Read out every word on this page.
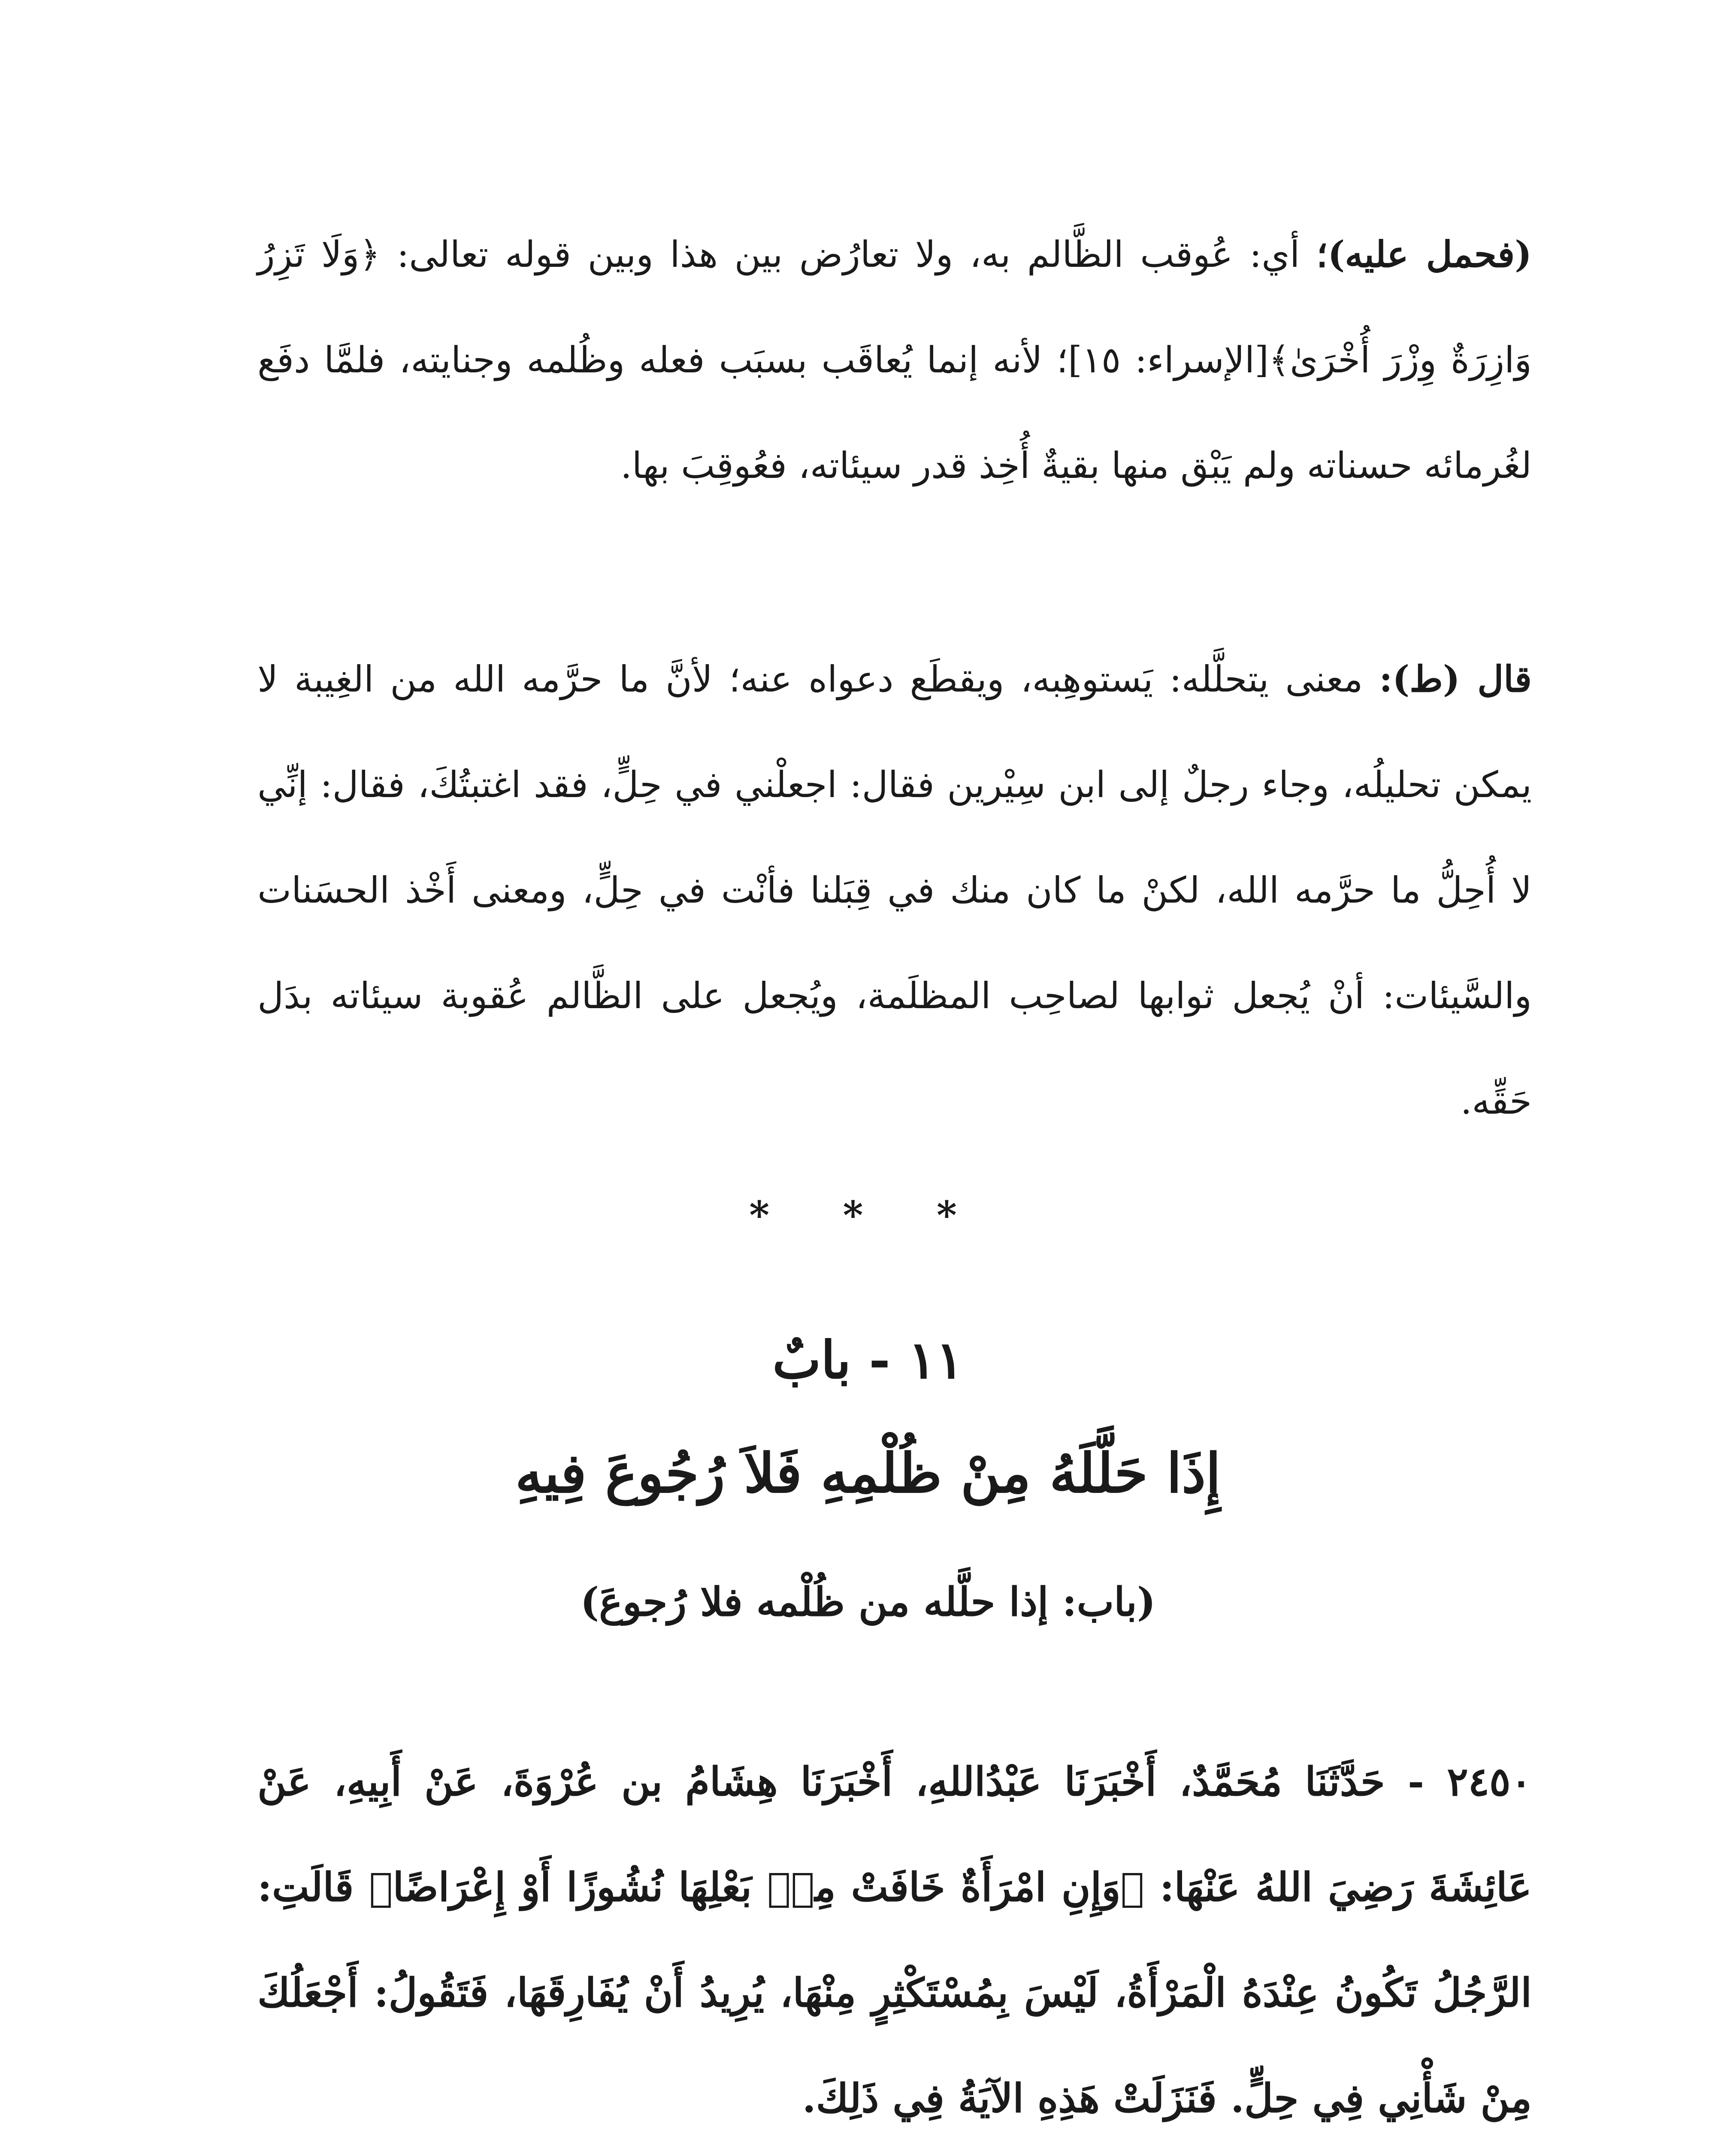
(فحمل عليه)؛ أي: عُوقب الظَّالم به، ولا تعارُض بين هذا وبين قوله تعالى: ﴿وَلَا تَزِرُ وَازِرَةٌ وِزْرَ أُخْرَىٰ﴾[الإسراء: ١٥]؛ لأنه إنما يُعاقَب بسبَب فعله وظُلمه وجنايته، فلمَّا دفَع لغُرمائه حسناته ولم يَبْق منها بقيةٌ أُخِذ قدر سيئاته، فعُوقِبَ بها.

قال (ط): معنى يتحلَّله: يَستوهِبه، ويقطَع دعواه عنه؛ لأنَّ ما حرَّمه الله من الغِيبة لا يمكن تحليلُه، وجاء رجلٌ إلى ابن سِيْرين فقال: اجعلْني في حِلٍّ، فقد اغتبتُكَ، فقال: إنِّي لا أُحِلُّ ما حرَّمه الله، لكنْ ما كان منك في قِبَلنا فأنْت في حِلٍّ، ومعنى أَخْذ الحسَنات والسَّيئات: أنْ يُجعل ثوابها لصاحِب المظلَمة، ويُجعل على الظَّالم عُقوبة سيئاته بدَل حَقِّه.

* * *
١١ - بابٌ
إِذَا حَلَّلَهُ مِنْ ظُلْمِهِ فَلاَ رُجُوعَ فِيهِ
(باب: إذا حلَّله من ظُلْمه فلا رُجوعَ)

٢٤٥٠ - حَدَّثَنَا مُحَمَّدٌ، أَخْبَرَنَا عَبْدُاللهِ، أَخْبَرَنَا هِشَامُ بن عُرْوَةَ، عَنْ أَبِيهِ، عَنْ عَائِشَةَ رَضِيَ اللهُ عَنْهَا: ﴿وَإِنِ امْرَأَةٌ خَافَتْ مِنۢ بَعْلِهَا نُشُوزًا أَوْ إِعْرَاضًا﴾ قَالَتِ: الرَّجُلُ تَكُونُ عِنْدَهُ الْمَرْأَةُ، لَيْسَ بِمُسْتَكْثِرٍ مِنْهَا، يُرِيدُ أَنْ يُفَارِقَهَا، فَتَقُولُ: أَجْعَلُكَ مِنْ شَأْنِي فِي حِلٍّ. فَنَزَلَتْ هَذِهِ الآيَةُ فِي ذَلِكَ.
